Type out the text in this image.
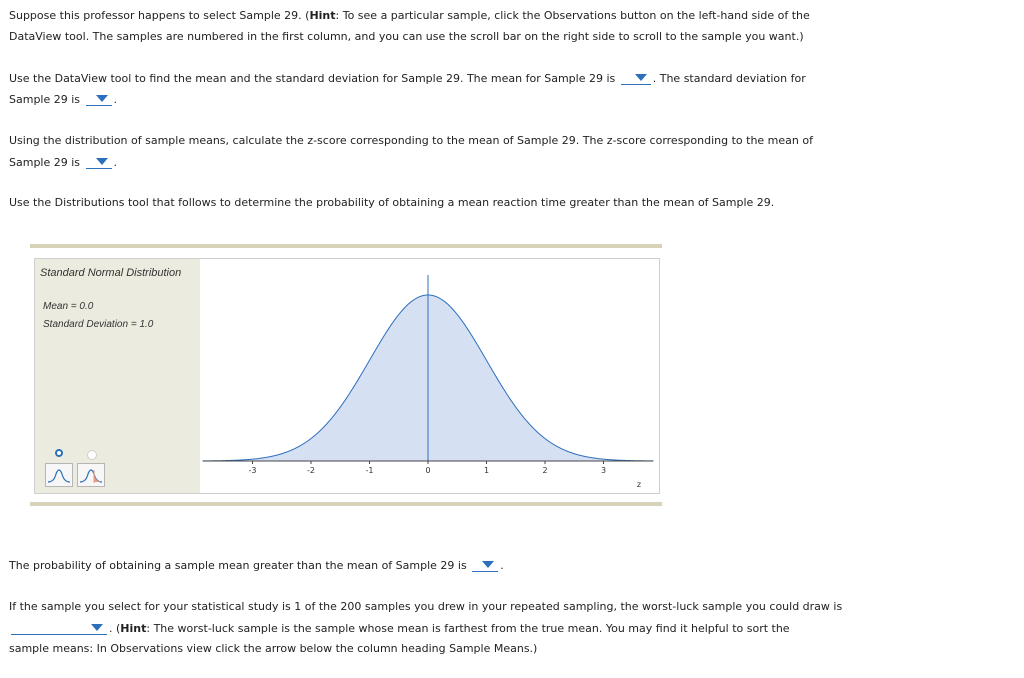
Suppose this professor happens to select Sample 29. (Hint: To see a particular sample, click the Observations button on the left-hand side of the
DataView tool. The samples are numbered in the first column, and you can use the scroll bar on the right side to scroll to the sample you want.)
Use the DataView tool to find the mean and the standard deviation for Sample 29. The mean for Sample 29 is	. The standard deviation for
Sample 29 is	.
Using the distribution of sample means, calculate the z-score corresponding to the mean of Sample 29. The z-score corresponding to the mean of
Sample 29 is	.
Use the Distributions tool that follows to determine the probability of obtaining a mean reaction time greater than the mean of Sample 29.
Standard Normal Distribution
Mean = 0.0
Standard Deviation = 1.0
-3	-2	-1	0	1	2	3
z
The probability of obtaining a sample mean greater than the mean of Sample 29 is	.
If the sample you select for your statistical study is 1 of the 200 samples you drew in your repeated sampling, the worst-luck sample you could draw is
. (Hint: The worst-luck sample is the sample whose mean is farthest from the true mean. You may find it helpful to sort the
sample means: In Observations view click the arrow below the column heading Sample Means.)
